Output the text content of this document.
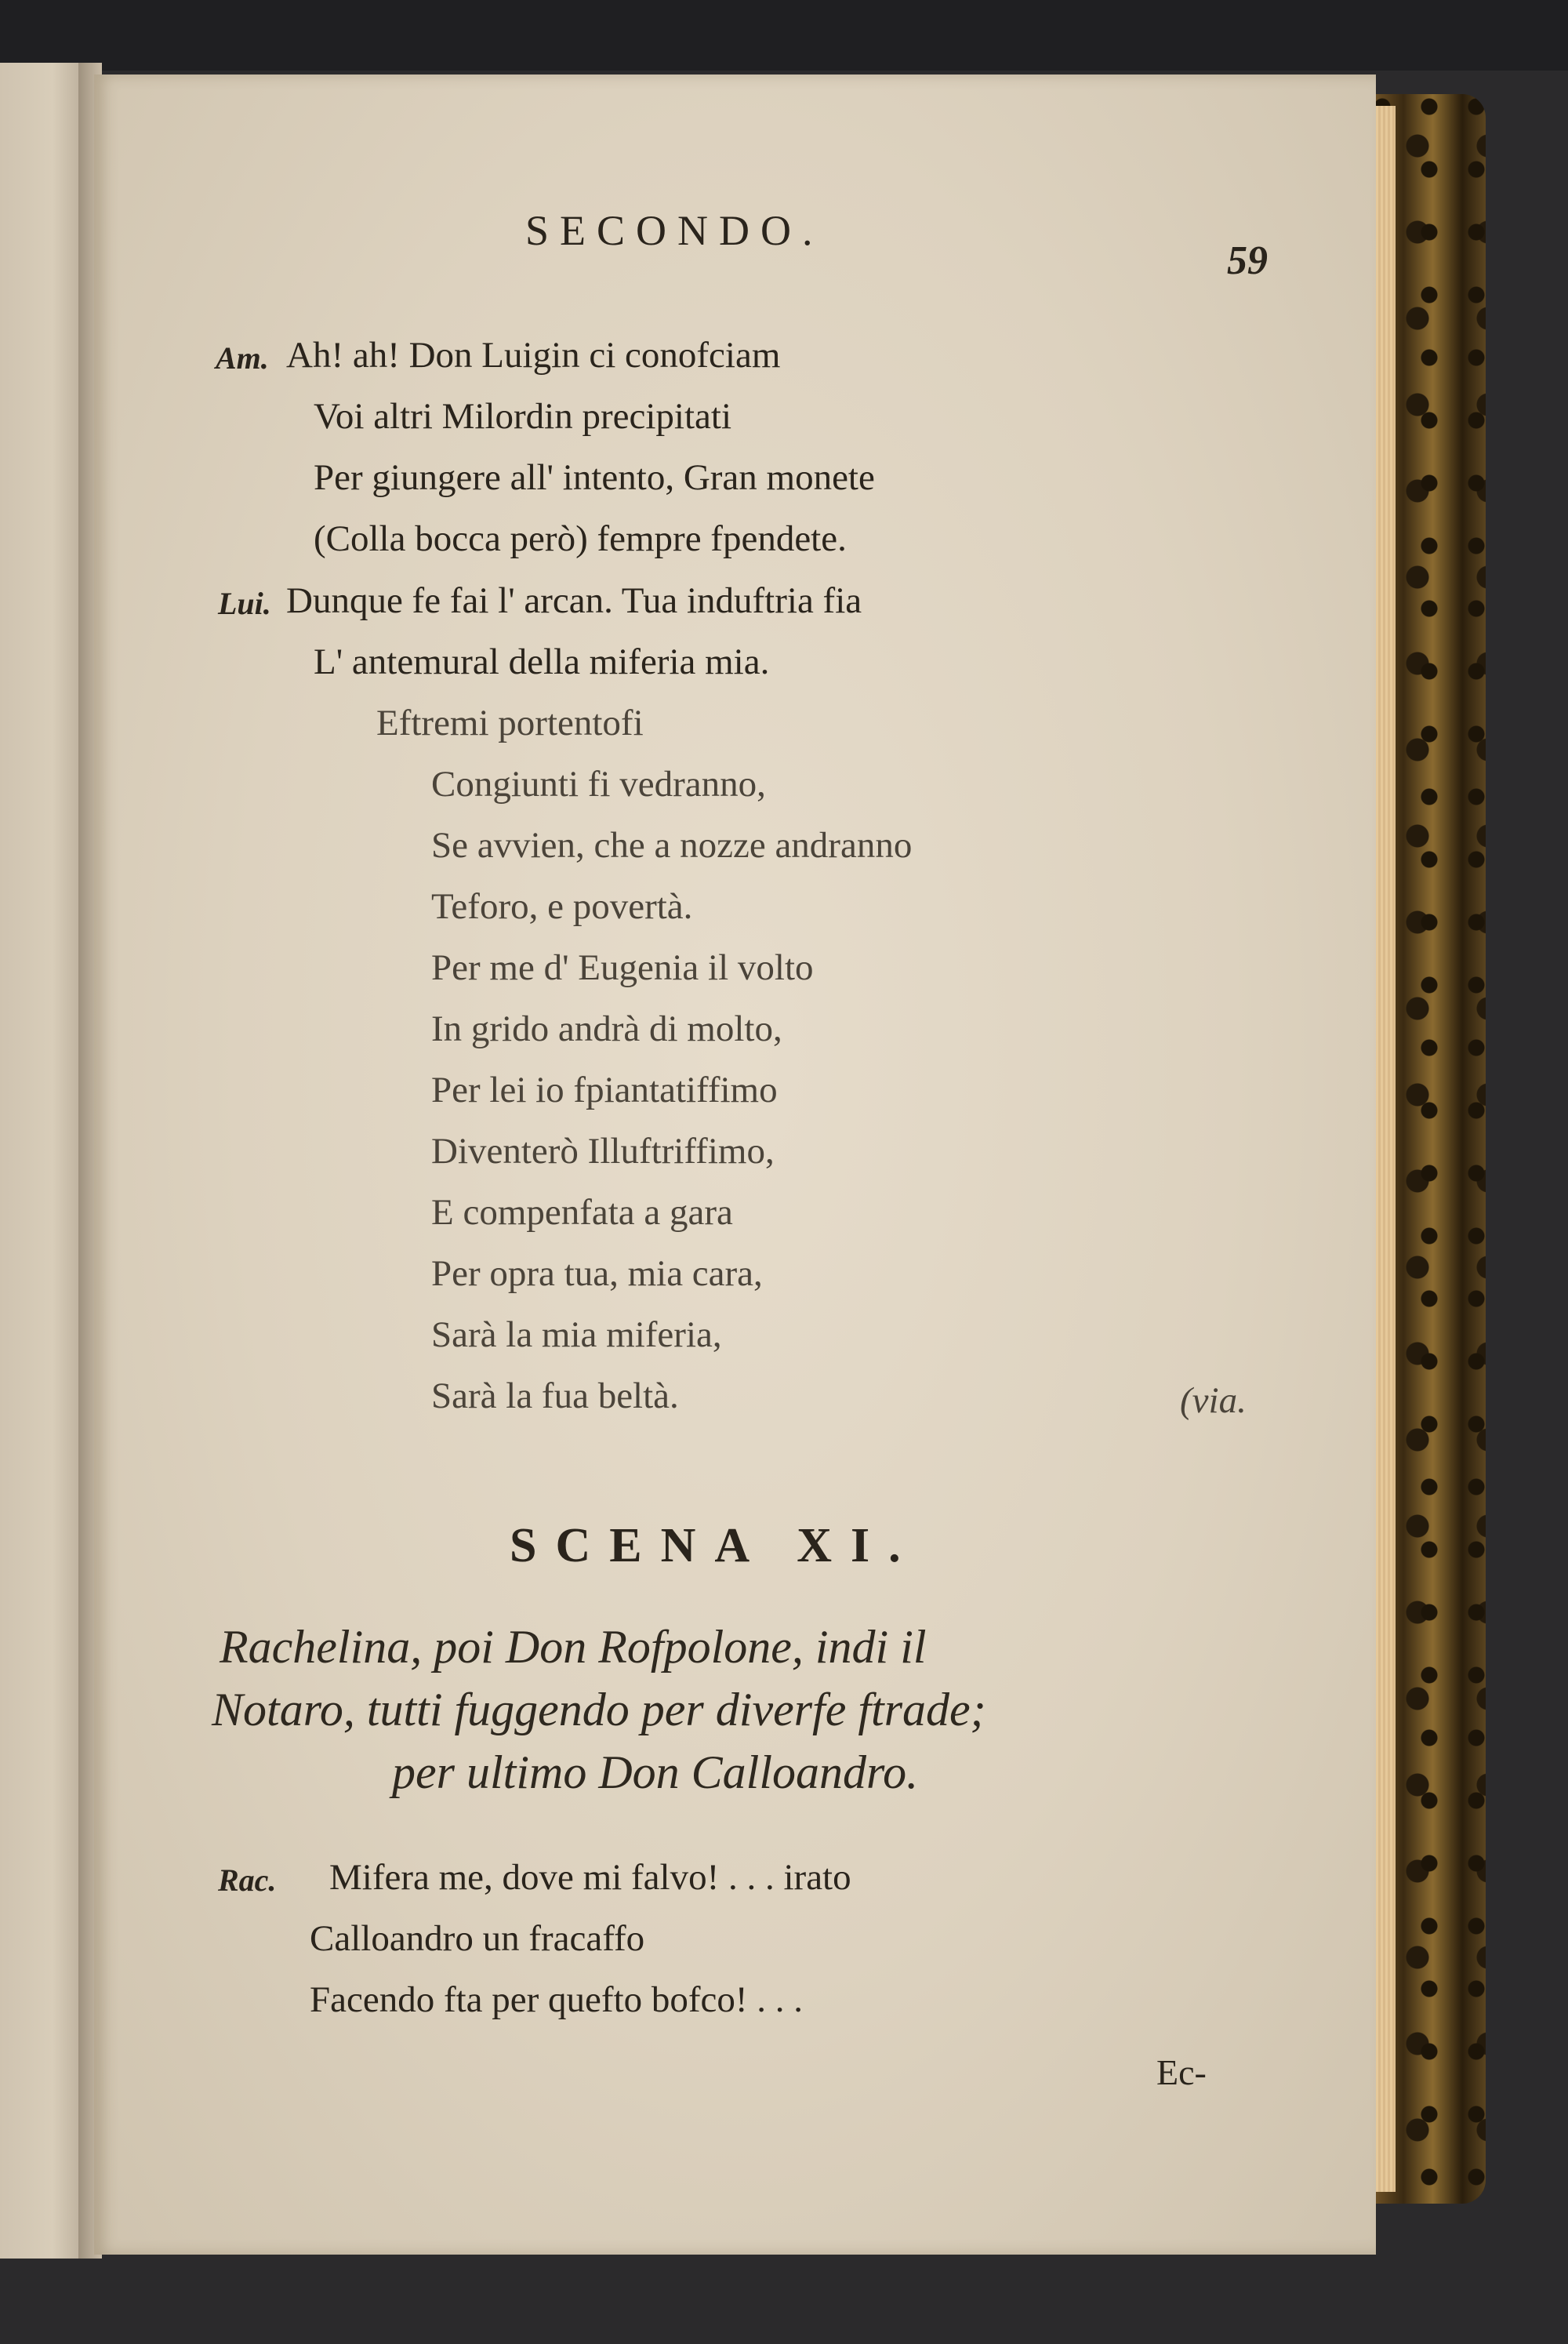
SECONDO.
59
Am. Ah! ah! Don Luigin ci conofciam
Voi altri Milordin precipitati
Per giungere all' intento, Gran monete
(Colla bocca però) fempre fpendete.
Lui. Dunque fe fai l' arcan. Tua induftria fia
L' antemural della miferia mia.
Eftremi portentofi
Congiunti fi vedranno,
Se avvien, che a nozze andranno
Teforo, e povertà.
Per me d' Eugenia il volto
In grido andrà di molto,
Per lei io fpiantatiffimo
Diventerò Illuftriffimo,
E compenfata a gara
Per opra tua, mia cara,
Sarà la mia miferia,
Sarà la fua beltà.	(via.
SCENA XI.
Rachelina, poi Don Rofpolone, indi il
Notaro, tutti fuggendo per diverfe ftrade;
per ultimo Don Calloandro.
Rac. Mifera me, dove mi falvo! . . . irato
Calloandro un fracaffo
Facendo fta per quefto bofco! . . .
Ec-
